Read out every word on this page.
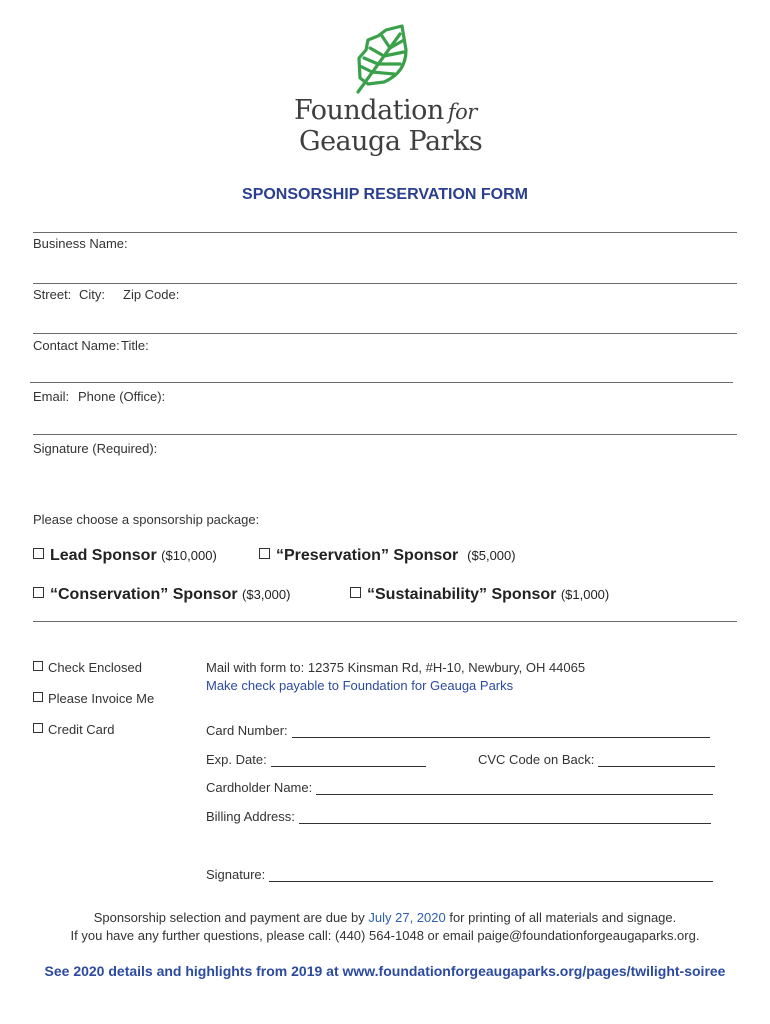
Foundation for
Geauga Parks
SPONSORSHIP RESERVATION FORM
Business Name:
Street: City: Zip Code:
Contact Name: Title:
Email: Phone (Office):
Signature (Required):
Please choose a sponsorship package:
Lead Sponsor ($10,000)	“Preservation” Sponsor ($5,000)
“Conservation” Sponsor ($3,000)	“Sustainability” Sponsor ($1,000)
Check Enclosed
Please Invoice Me
Credit Card
Mail with form to: 12375 Kinsman Rd, #H-10, Newbury, OH 44065
Make check payable to Foundation for Geauga Parks
Card Number:
Exp. Date:	CVC Code on Back:
Cardholder Name:
Billing Address:
Signature:
Sponsorship selection and payment are due by July 27, 2020 for printing of all materials and signage.
If you have any further questions, please call: (440) 564-1048 or email paige@foundationforgeaugaparks.org.
See 2020 details and highlights from 2019 at www.foundationforgeaugaparks.org/pages/twilight-soiree
